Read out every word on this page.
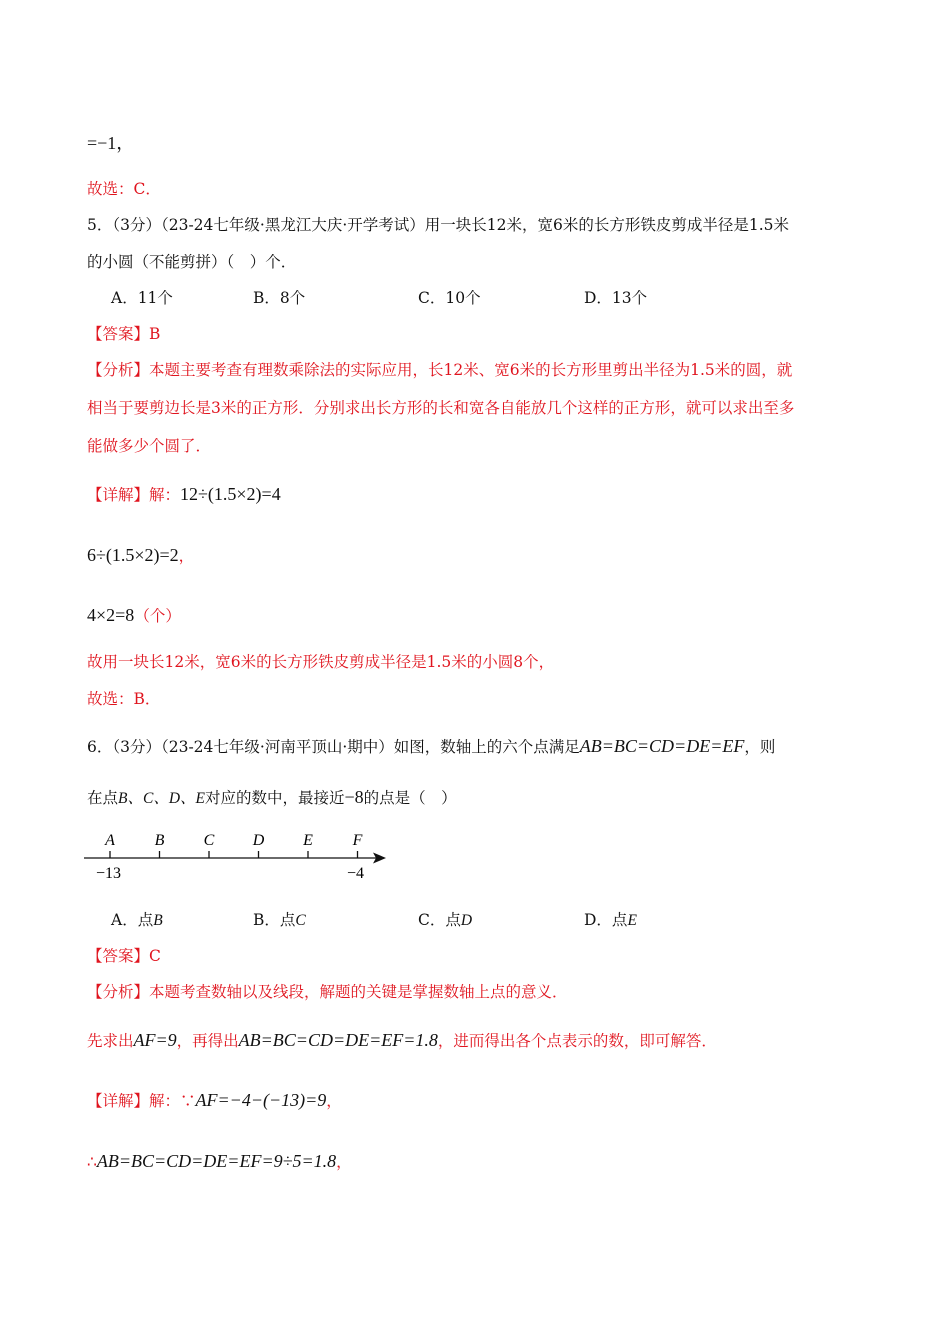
=−1，
故选：C．
5．（3分）（23-24七年级·黑龙江大庆·开学考试）用一块长12米，宽6米的长方形铁皮剪成半径是1.5米
的小圆（不能剪拼）（　）个．
A．11个	B．8个	C．10个	D．13个
【答案】B
【分析】本题主要考查有理数乘除法的实际应用，长12米、宽6米的长方形里剪出半径为1.5米的圆，就
相当于要剪边长是3米的正方形．分别求出长方形的长和宽各自能放几个这样的正方形，就可以求出至多
能做多少个圆了．
【详解】解：12÷(1.5×2)=4
6÷(1.5×2)=2，
4×2=8（个）
故用一块长12米，宽6米的长方形铁皮剪成半径是1.5米的小圆8个，
故选：B．
6．（3分）（23-24七年级·河南平顶山·期中）如图，数轴上的六个点满足AB=BC=CD=DE=EF，则
在点B、C、D、E对应的数中，最接近−8的点是（　）
A B C D E F
−13	−4
A．点B	B．点C	C．点D	D．点E
【答案】C
【分析】本题考查数轴以及线段，解题的关键是掌握数轴上点的意义．
先求出AF=9，再得出AB=BC=CD=DE=EF=1.8，进而得出各个点表示的数，即可解答．
【详解】解：∵AF=−4−(−13)=9，
∴AB=BC=CD=DE=EF=9÷5=1.8，
